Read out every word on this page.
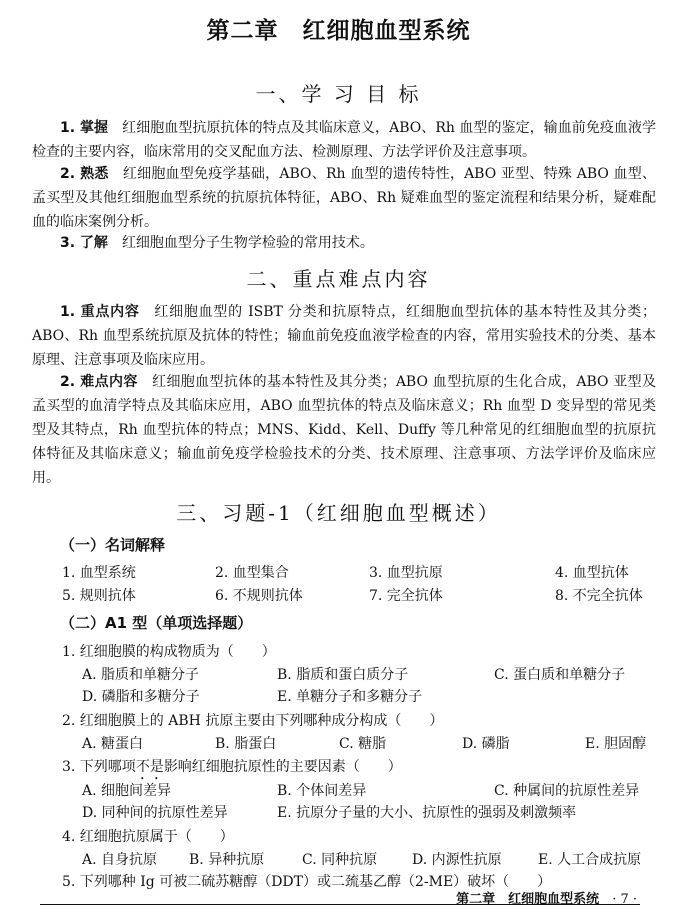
第二章　红细胞血型系统
一、学 习 目 标
1. 掌握　 红细胞血型抗原抗体的特点及其临床意义，ABO、Rh 血型的鉴定，输血前免疫血液学检查的主要内容，临床常用的交叉配血方法、检测原理、方法学评价及注意事项。
2. 熟悉　 红细胞血型免疫学基础，ABO、Rh 血型的遗传特性，ABO 亚型、特殊 ABO 血型、孟买型及其他红细胞血型系统的抗原抗体特征，ABO、Rh 疑难血型的鉴定流程和结果分析，疑难配血的临床案例分析。
3. 了解　 红细胞血型分子生物学检验的常用技术。
二、重点难点内容
1. 重点内容　 红细胞血型的 ISBT 分类和抗原特点，红细胞血型抗体的基本特性及其分类；ABO、Rh 血型系统抗原及抗体的特性；输血前免疫血液学检查的内容，常用实验技术的分类、基本原理、注意事项及临床应用。
2. 难点内容　 红细胞血型抗体的基本特性及其分类；ABO 血型抗原的生化合成，ABO 亚型及孟买型的血清学特点及其临床应用，ABO 血型抗体的特点及临床意义；Rh 血型 D 变异型的常见类型及其特点，Rh 血型抗体的特点；MNS、Kidd、Kell、Duffy 等几种常见的红细胞血型的抗原抗体特征及其临床意义；输血前免疫学检验技术的分类、技术原理、注意事项、方法学评价及临床应用。
三、习题-1（红细胞血型概述）
（一）名词解释
1. 血型系统	2. 血型集合	3. 血型抗原	4. 血型抗体
5. 规则抗体	6. 不规则抗体	7. 完全抗体	8. 不完全抗体
（二）A1 型（单项选择题）
1. 红细胞膜的构成物质为（　　）
A. 脂质和单糖分子	B. 脂质和蛋白质分子	C. 蛋白质和单糖分子
D. 磷脂和多糖分子	E. 单糖分子和多糖分子
2. 红细胞膜上的 ABH 抗原主要由下列哪种成分构成（　　）
A. 糖蛋白	B. 脂蛋白	C. 糖脂	D. 磷脂	E. 胆固醇
3. 下列哪项不是影响红细胞抗原性的主要因素（　　）
A. 细胞间差异	B. 个体间差异	C. 种属间的抗原性差异
D. 同种间的抗原性差异	E. 抗原分子量的大小、抗原性的强弱及刺激频率
4. 红细胞抗原属于（　　）
A. 自身抗原 B. 异种抗原	C. 同种抗原 D. 内源性抗原	E. 人工合成抗原
5. 下列哪种 Ig 可被二硫苏糖醇（DDT）或二巯基乙醇（2-ME）破坏（　　）
第二章　 红细胞血型系统　 · 7 ·
